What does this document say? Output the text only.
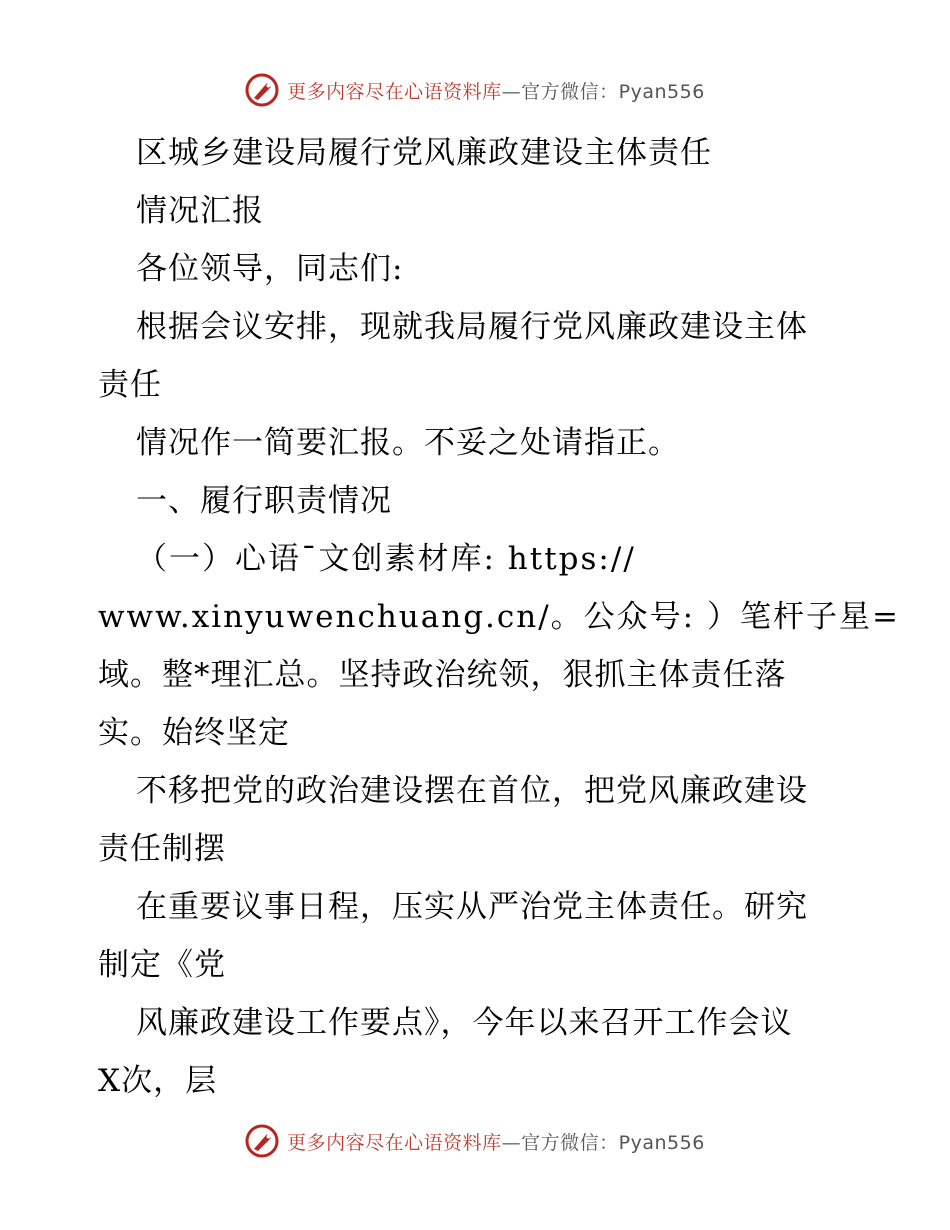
更多内容尽在心语资料库—官方微信：Pyan556
区城乡建设局履行党风廉政建设主体责任
情况汇报
各位领导，同志们:
根据会议安排，现就我局履行党风廉政建设主体
责任
情况作一简要汇报。不妥之处请指正。
一、履行职责情况
（一）心语¯文创素材库: https://
www.xinyuwenchuang.cn/。公众号: ）笔杆子星=
域。整*理汇总。坚持政治统领，狠抓主体责任落
实。始终坚定
不移把党的政治建设摆在首位，把党风廉政建设
责任制摆
在重要议事日程，压实从严治党主体责任。研究
制定《党
风廉政建设工作要点》，今年以来召开工作会议
X次，层
更多内容尽在心语资料库—官方微信：Pyan556
